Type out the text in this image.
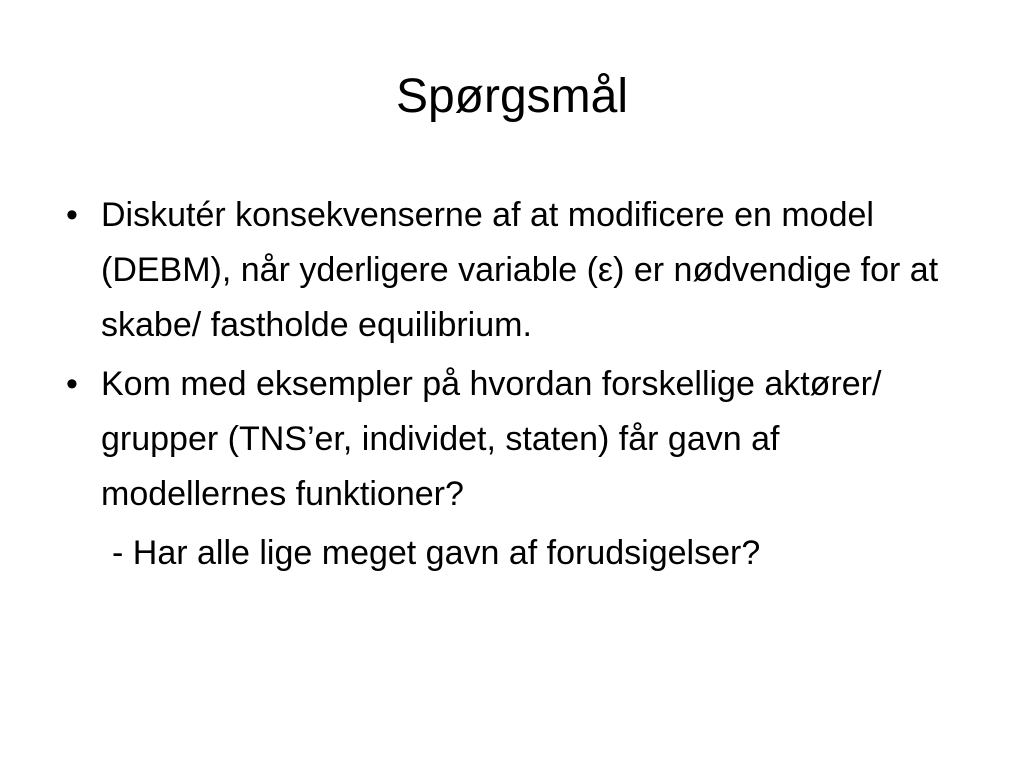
Spørgsmål
• Diskutér konsekvenserne af at modificere en model (DEBM), når yderligere variable (ε) er nødvendige for at skabe/ fastholde equilibrium.
• Kom med eksempler på hvordan forskellige aktører/ grupper (TNS’er, individet, staten) får gavn af modellernes funktioner?
- Har alle lige meget gavn af forudsigelser?
